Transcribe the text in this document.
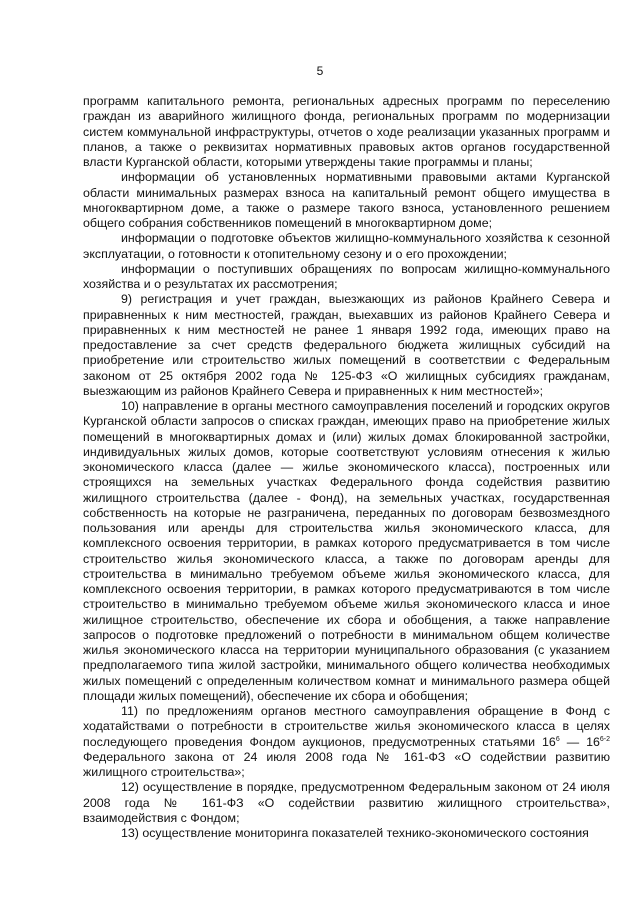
5

программ капитального ремонта, региональных адресных программ по переселению граждан из аварийного жилищного фонда, региональных программ по модернизации систем коммунальной инфраструктуры, отчетов о ходе реализации указанных программ и планов, а также о реквизитах нормативных правовых актов органов государственной власти Курганской области, которыми утверждены такие программы и планы;

информации об установленных нормативными правовыми актами Курганской области минимальных размерах взноса на капитальный ремонт общего имущества в многоквартирном доме, а также о размере такого взноса, установленного решением общего собрания собственников помещений в многоквартирном доме;

информации о подготовке объектов жилищно-коммунального хозяйства к сезонной эксплуатации, о готовности к отопительному сезону и о его прохождении;

информации о поступивших обращениях по вопросам жилищно-коммунального хозяйства и о результатах их рассмотрения;

9) регистрация и учет граждан, выезжающих из районов Крайнего Севера и приравненных к ним местностей, граждан, выехавших из районов Крайнего Севера и приравненных к ним местностей не ранее 1 января 1992 года, имеющих право на предоставление за счет средств федерального бюджета жилищных субсидий на приобретение или строительство жилых помещений в соответствии с Федеральным законом от 25 октября 2002 года № 125-ФЗ «О жилищных субсидиях гражданам, выезжающим из районов Крайнего Севера и приравненных к ним местностей»;

10) направление в органы местного самоуправления поселений и городских округов Курганской области запросов о списках граждан, имеющих право на приобретение жилых помещений в многоквартирных домах и (или) жилых домах блокированной застройки, индивидуальных жилых домов, которые соответствуют условиям отнесения к жилью экономического класса (далее — жилье экономического класса), построенных или строящихся на земельных участках Федерального фонда содействия развитию жилищного строительства (далее - Фонд), на земельных участках, государственная собственность на которые не разграничена, переданных по договорам безвозмездного пользования или аренды для строительства жилья экономического класса, для комплексного освоения территории, в рамках которого предусматривается в том числе строительство жилья экономического класса, а также по договорам аренды для строительства в минимально требуемом объеме жилья экономического класса, для комплексного освоения территории, в рамках которого предусматриваются в том числе строительство в минимально требуемом объеме жилья экономического класса и иное жилищное строительство, обеспечение их сбора и обобщения, а также направление запросов о подготовке предложений о потребности в минимальном общем количестве жилья экономического класса на территории муниципального образования (с указанием предполагаемого типа жилой застройки, минимального общего количества необходимых жилых помещений с определенным количеством комнат и минимального размера общей площади жилых помещений), обеспечение их сбора и обобщения;

11) по предложениям органов местного самоуправления обращение в Фонд с ходатайствами о потребности в строительстве жилья экономического класса в целях последующего проведения Фондом аукционов, предусмотренных статьями $16^6$ — 16$^{6-2}$ Федерального закона от 24 июля 2008 года № 161-ФЗ «О содействии развитию жилищного строительства»;

12) осуществление в порядке, предусмотренном Федеральным законом от 24 июля 2008 года № 161-ФЗ «О содействии развитию жилищного строительства», взаимодействия с Фондом;

13) осуществление мониторинга показателей технико-экономического состояния
